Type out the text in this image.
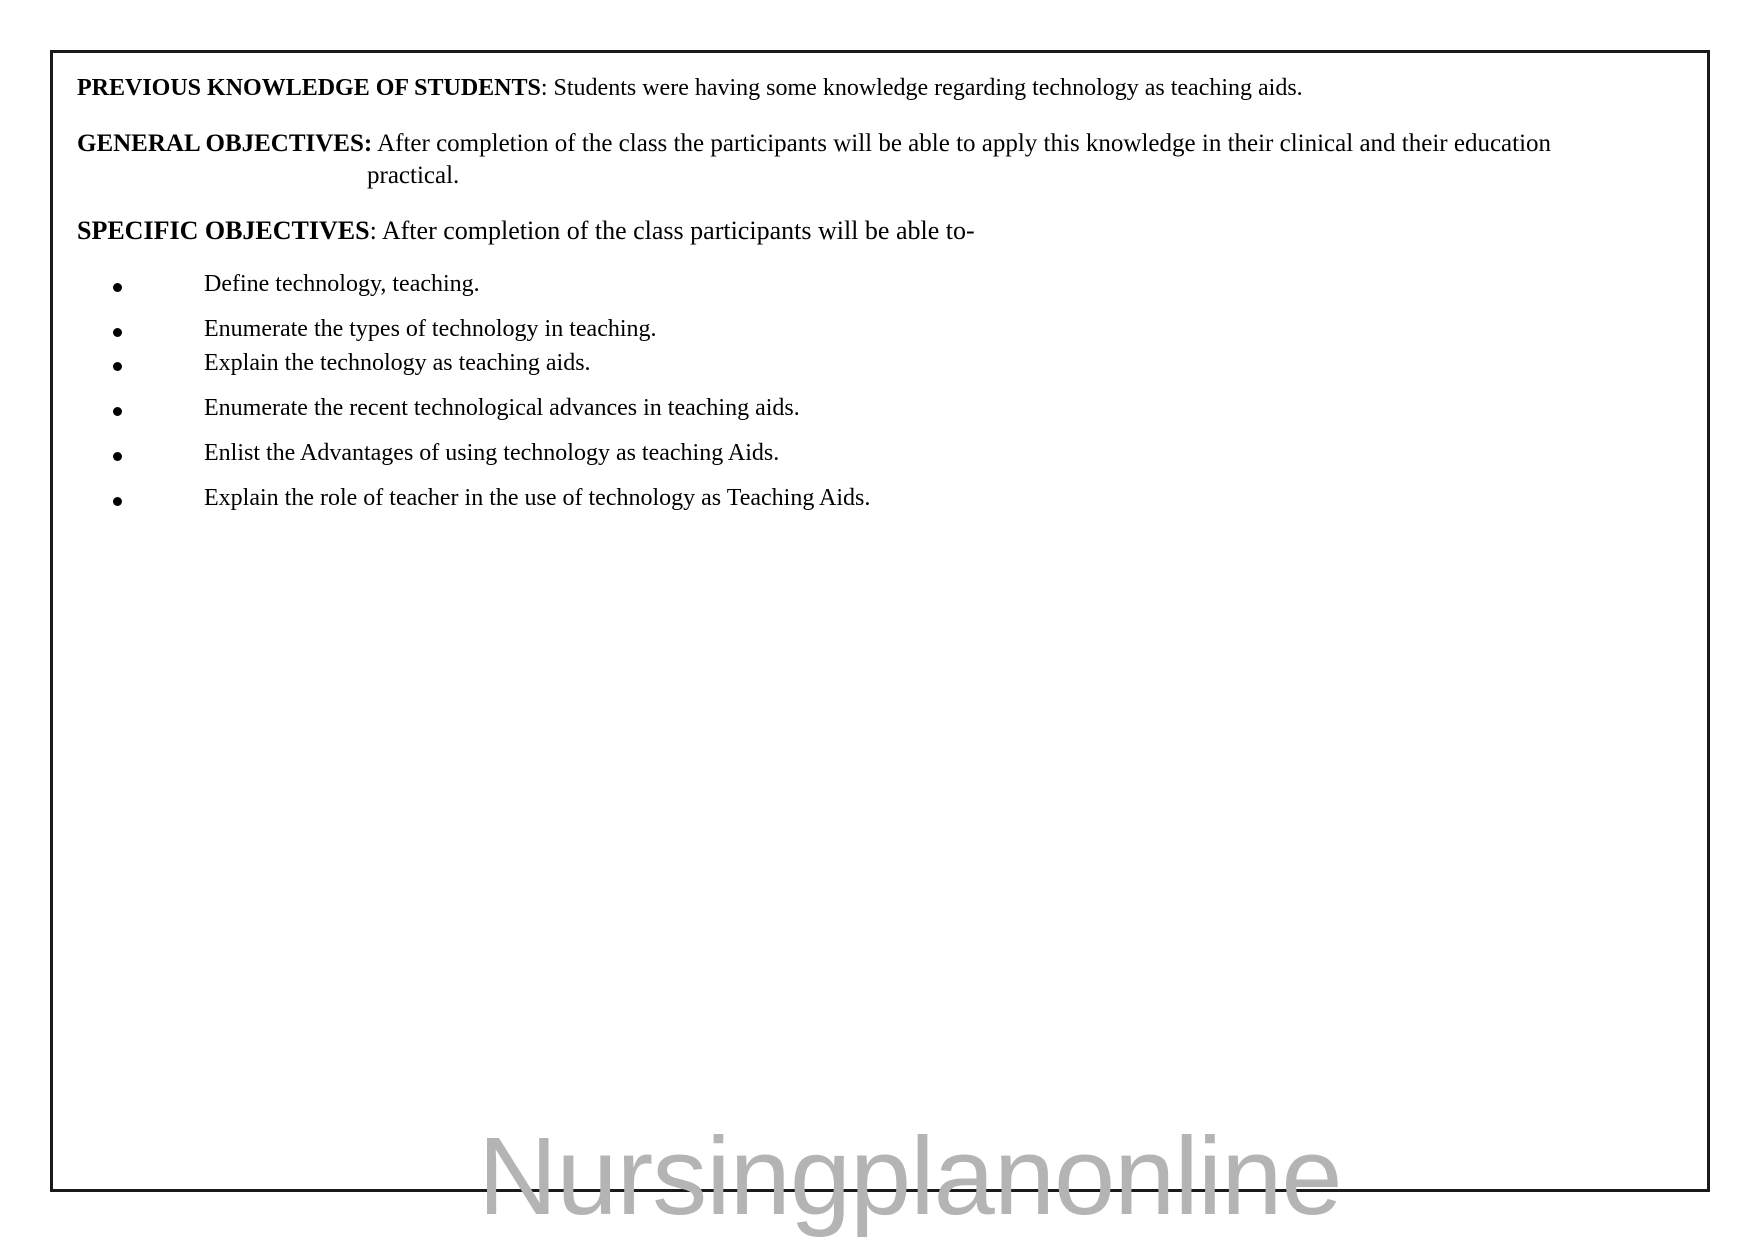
PREVIOUS KNOWLEDGE OF STUDENTS: Students were having some knowledge regarding technology as teaching aids.

GENERAL OBJECTIVES: After completion of the class the participants will be able to apply this knowledge in their clinical and their education
practical.

SPECIFIC OBJECTIVES: After completion of the class participants will be able to-

Define technology, teaching.
Enumerate the types of technology in teaching.
Explain the technology as teaching aids.
Enumerate the recent technological advances in teaching aids.
Enlist the Advantages of using technology as teaching Aids.
Explain the role of teacher in the use of technology as Teaching Aids.
Nursingplanonline
